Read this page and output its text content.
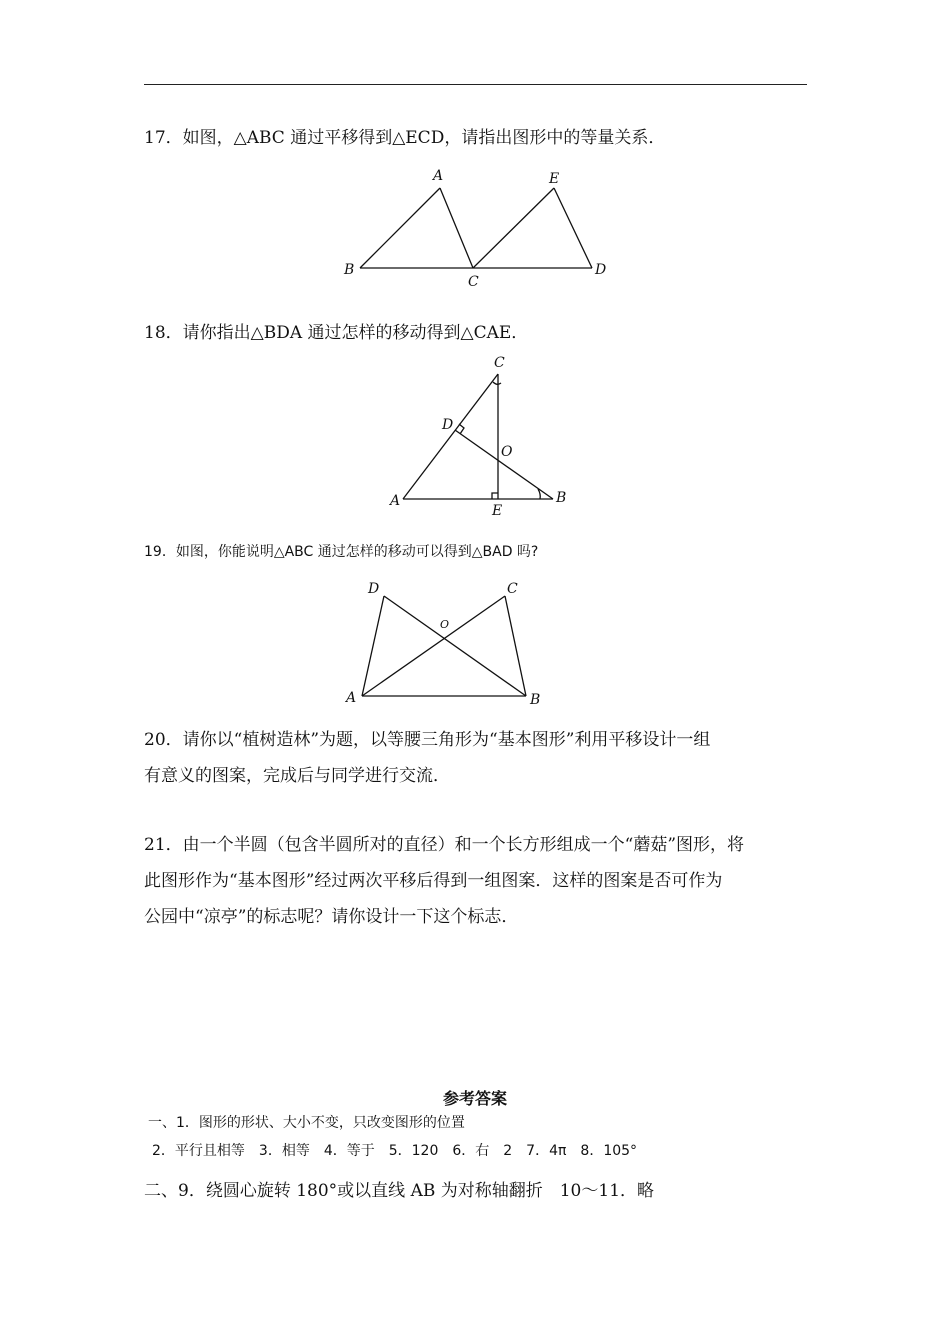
17．如图，△ABC 通过平移得到△ECD，请指出图形中的等量关系．
A	E
B
C
D
18．请你指出△BDA 通过怎样的移动得到△CAE．
C
D
O
A	B
E
19．如图，你能说明△ABC 通过怎样的移动可以得到△BAD 吗?
D	C
O
A	B
20．请你以“植树造林”为题，以等腰三角形为“基本图形”利用平移设计一组
有意义的图案，完成后与同学进行交流．
21．由一个半圆（包含半圆所对的直径）和一个长方形组成一个“蘑菇”图形，将
此图形作为“基本图形”经过两次平移后得到一组图案．这样的图案是否可作为
公园中“凉亭”的标志呢？请你设计一下这个标志．
参考答案
一、1．图形的形状、大小不变，只改变图形的位置
2．平行且相等　3．相等　4．等于　5．120　6．右　2　7．4π　8．105°
二、9．绕圆心旋转 180°或以直线 AB 为对称轴翻折　10～11．略
